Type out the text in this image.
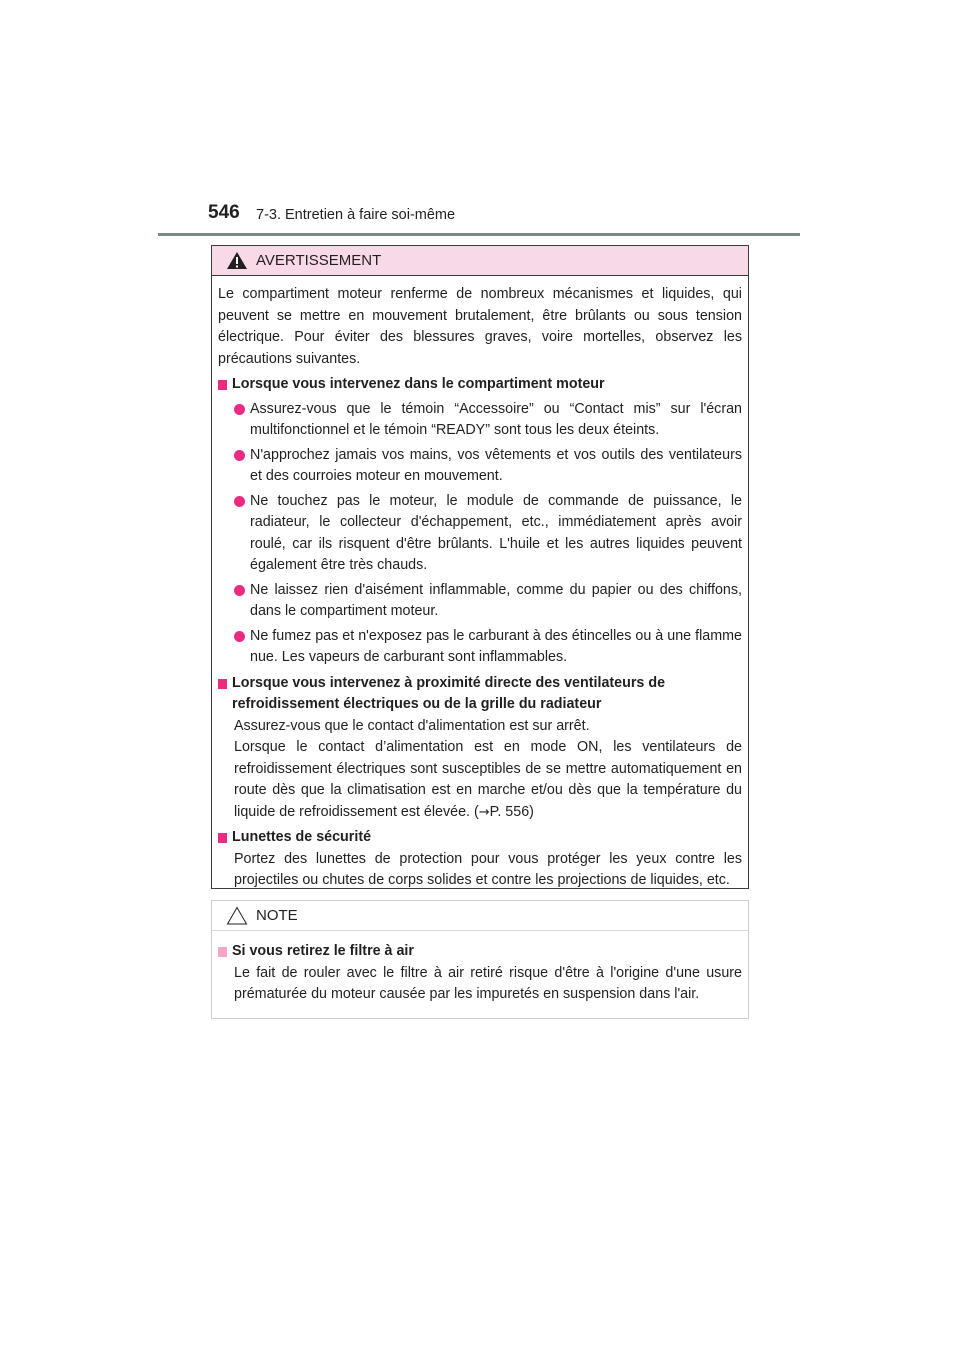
546 7-3. Entretien à faire soi-même
AVERTISSEMENT

Le compartiment moteur renferme de nombreux mécanismes et liquides, qui peuvent se mettre en mouvement brutalement, être brûlants ou sous tension électrique. Pour éviter des blessures graves, voire mortelles, observez les précautions suivantes.

Lorsque vous intervenez dans le compartiment moteur
Assurez-vous que le témoin “Accessoire” ou “Contact mis” sur l'écran multifonctionnel et le témoin “READY” sont tous les deux éteints.
N'approchez jamais vos mains, vos vêtements et vos outils des ventilateurs et des courroies moteur en mouvement.
Ne touchez pas le moteur, le module de commande de puissance, le radiateur, le collecteur d'échappement, etc., immédiatement après avoir roulé, car ils risquent d'être brûlants. L'huile et les autres liquides peuvent également être très chauds.
Ne laissez rien d'aisément inflammable, comme du papier ou des chiffons, dans le compartiment moteur.
Ne fumez pas et n'exposez pas le carburant à des étincelles ou à une flamme nue. Les vapeurs de carburant sont inflammables.
Lorsque vous intervenez à proximité directe des ventilateurs de refroidissement électriques ou de la grille du radiateur
Assurez-vous que le contact d'alimentation est sur arrêt.
Lorsque le contact d’alimentation est en mode ON, les ventilateurs de refroidissement électriques sont susceptibles de se mettre automatiquement en route dès que la climatisation est en marche et/ou dès que la température du liquide de refroidissement est élevée. (→P. 556)
Lunettes de sécurité
Portez des lunettes de protection pour vous protéger les yeux contre les projectiles ou chutes de corps solides et contre les projections de liquides, etc.
NOTE
Si vous retirez le filtre à air
Le fait de rouler avec le filtre à air retiré risque d'être à l'origine d'une usure prématurée du moteur causée par les impuretés en suspension dans l'air.
